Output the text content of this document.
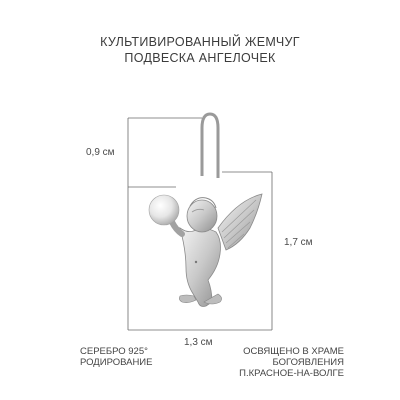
КУЛЬТИВИРОВАННЫЙ ЖЕМЧУГ
ПОДВЕСКА АНГЕЛОЧЕК
0,9 см
1,7 см
1,3 см
СЕРЕБРО 925°
РОДИРОВАНИЕ
ОСВЯЩЕНО В ХРАМЕ
БОГОЯВЛЕНИЯ
П.КРАСНОЕ-НА-ВОЛГЕ
